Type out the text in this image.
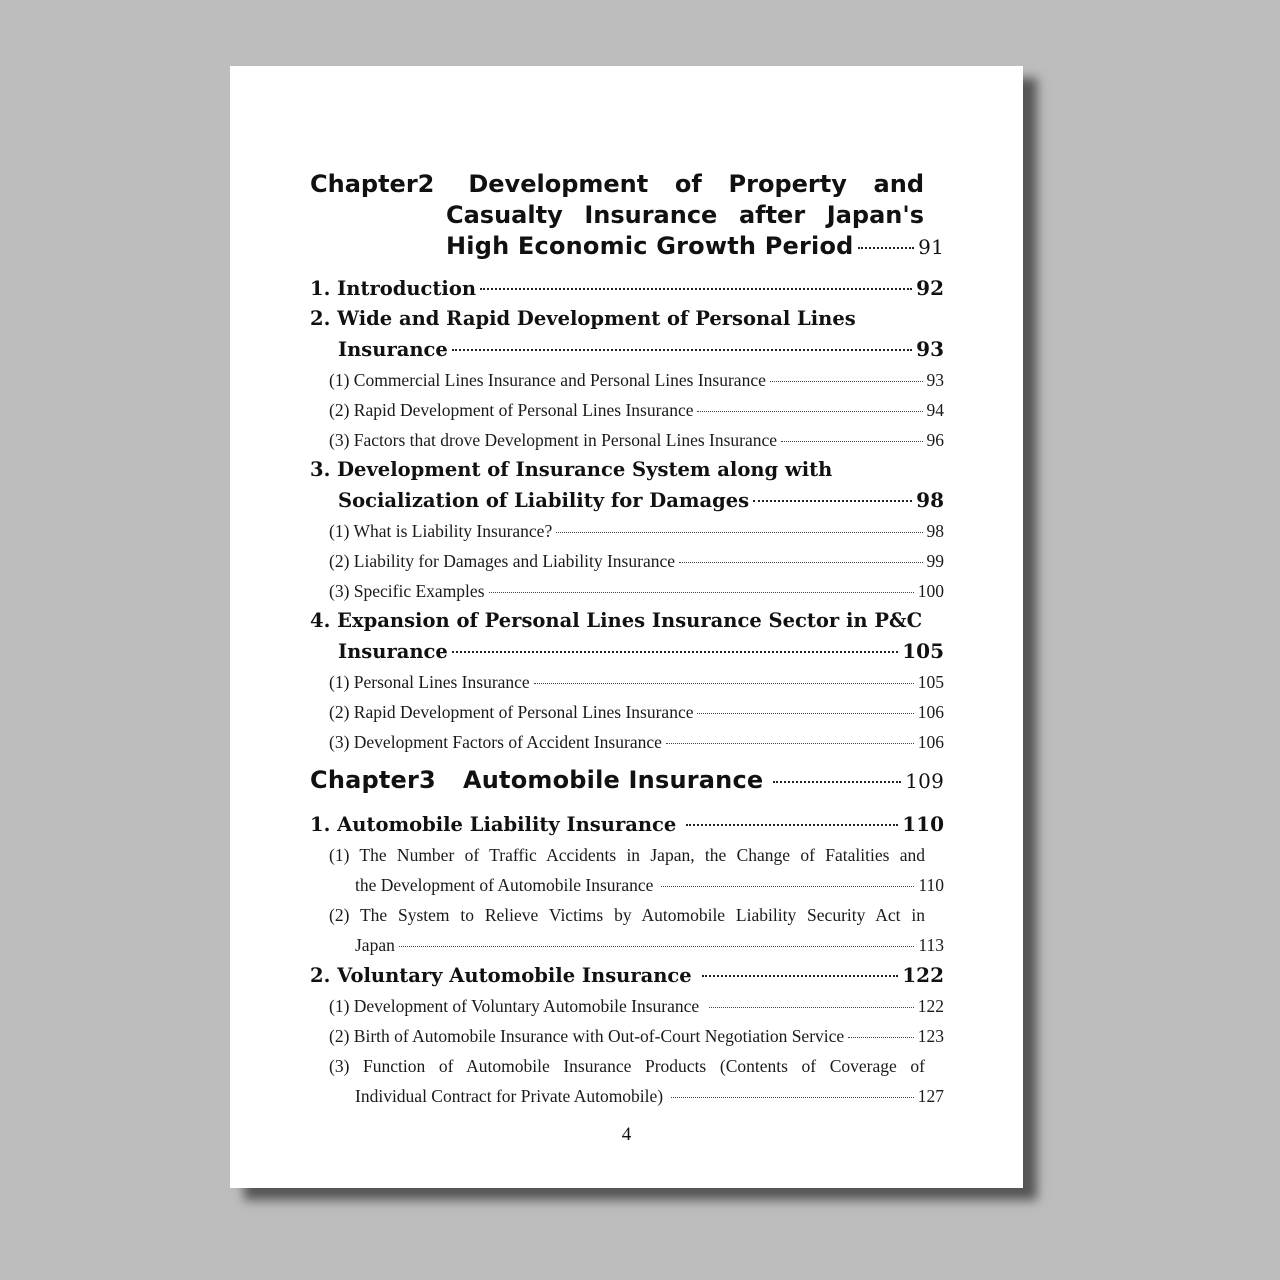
Chapter2 Development of Property and
Casualty Insurance after Japan's
High Economic Growth Period	91
1. Introduction	92
2. Wide and Rapid Development of Personal Lines
Insurance	93
(1) Commercial Lines Insurance and Personal Lines Insurance	93
(2) Rapid Development of Personal Lines Insurance	94
(3) Factors that drove Development in Personal Lines Insurance	96
3. Development of Insurance System along with
Socialization of Liability for Damages	98
(1) What is Liability Insurance?	98
(2) Liability for Damages and Liability Insurance	99
(3) Specific Examples	100
4. Expansion of Personal Lines Insurance Sector in P&C
Insurance	105
(1) Personal Lines Insurance	105
(2) Rapid Development of Personal Lines Insurance	106
(3) Development Factors of Accident Insurance	106
Chapter3 Automobile Insurance	109
1. Automobile Liability Insurance	110
(1) The Number of Traffic Accidents in Japan, the Change of Fatalities and
the Development of Automobile Insurance	110
(2) The System to Relieve Victims by Automobile Liability Security Act in
Japan	113
2. Voluntary Automobile Insurance	122
(1) Development of Voluntary Automobile Insurance	122
(2) Birth of Automobile Insurance with Out-of-Court Negotiation Service	123
(3) Function of Automobile Insurance Products (Contents of Coverage of
Individual Contract for Private Automobile)	127
4
